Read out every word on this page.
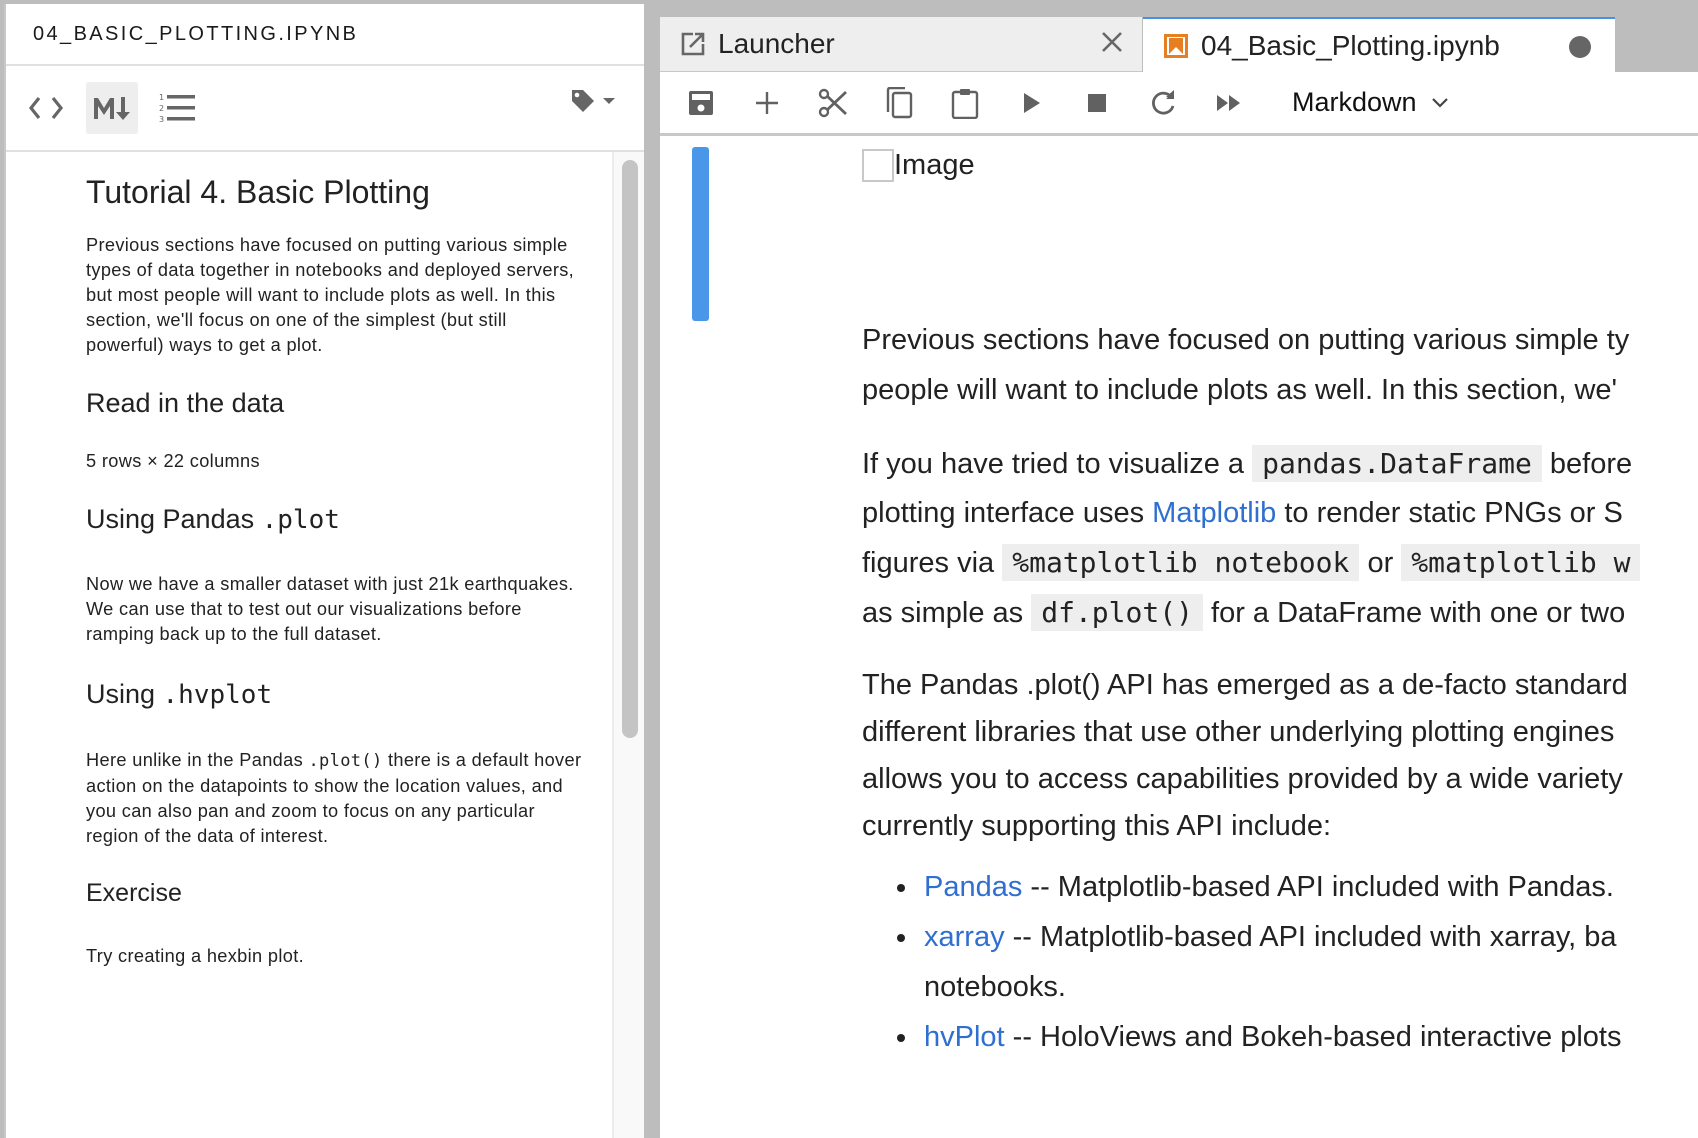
04_BASIC_PLOTTING.IPYNB
1
2
3
Tutorial 4. Basic Plotting
Previous sections have focused on putting various simple types of data together in notebooks and deployed servers, but most people will want to include plots as well. In this section, we'll focus on one of the simplest (but still powerful) ways to get a plot.
Read in the data
5 rows × 22 columns
Using Pandas .plot
Now we have a smaller dataset with just 21k earthquakes. We can use that to test out our visualizations before ramping back up to the full dataset.
Using .hvplot
Here unlike in the Pandas .plot() there is a default hover action on the datapoints to show the location values, and you can also pan and zoom to focus on any particular region of the data of interest.
Exercise
Try creating a hexbin plot.
Launcher	04_Basic_Plotting.ipynb
Markdown
Image

Previous sections have focused on putting various simple ty

people will want to include plots as well. In this section, we'

If you have tried to visualize a pandas.DataFrame before

plotting interface uses Matplotlib to render static PNGs or S

figures via %matplotlib notebook or %matplotlib w

as simple as df.plot() for a DataFrame with one or two

The Pandas .plot() API has emerged as a de-facto standard

different libraries that use other underlying plotting engines

allows you to access capabilities provided by a wide variety

currently supporting this API include:

• Pandas -- Matplotlib-based API included with Pandas.
• xarray -- Matplotlib-based API included with xarray, ba
notebooks.
• hvPlot -- HoloViews and Bokeh-based interactive plots
